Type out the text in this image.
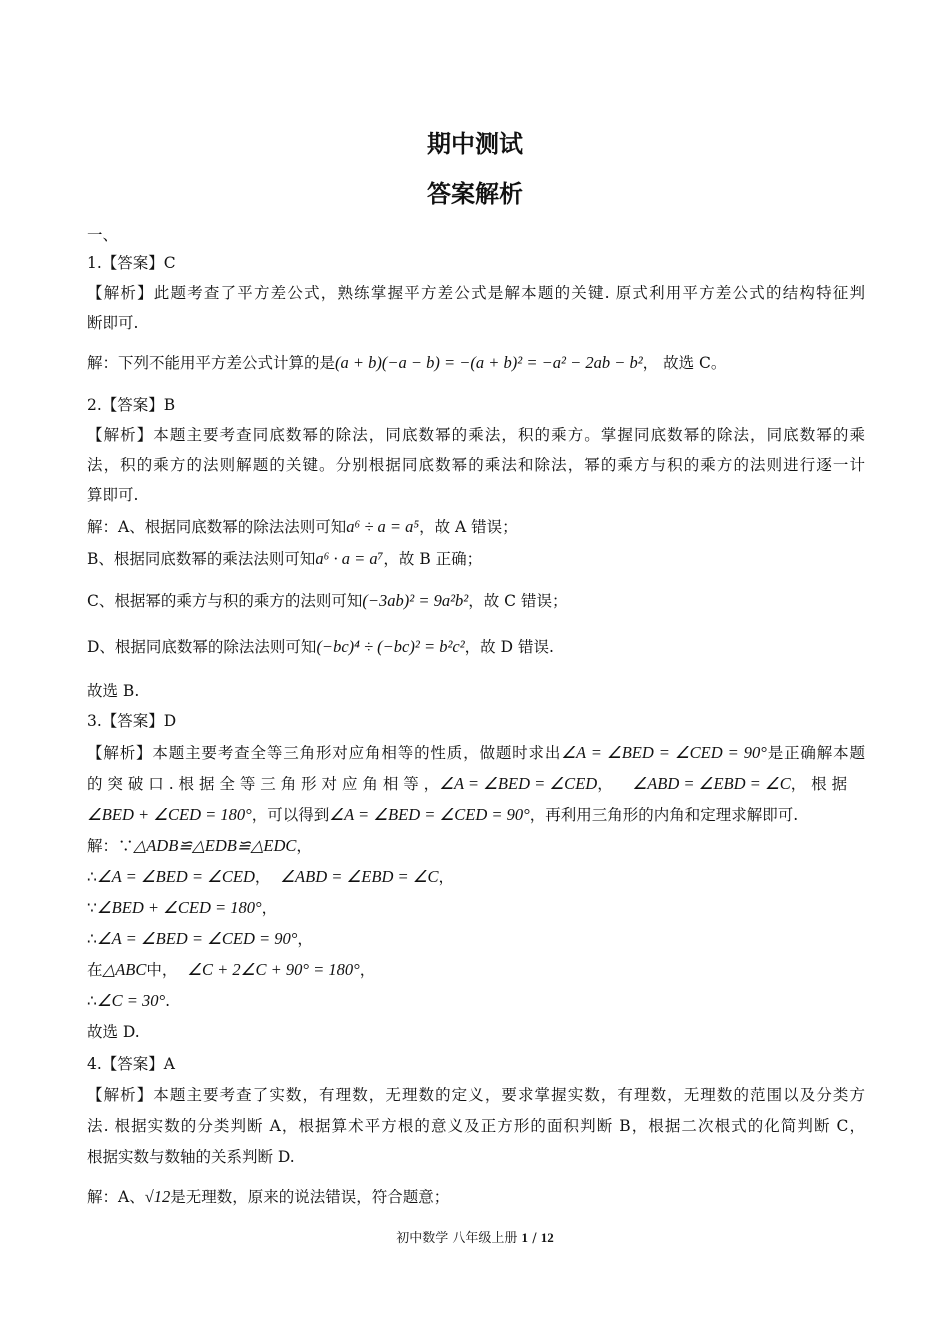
期中测试
答案解析
一、
1.【答案】C
【解析】此题考查了平方差公式，熟练掌握平方差公式是解本题的关键. 原式利用平方差公式的结构特征判
断即可.
解：下列不能用平方差公式计算的是(a + b)(−a − b) = −(a + b)² = −a² − 2ab − b²， 故选 C。
2.【答案】B
【解析】本题主要考查同底数幂的除法，同底数幂的乘法，积的乘方。掌握同底数幂的除法，同底数幂的乘
法，积的乘方的法则解题的关键。分别根据同底数幂的乘法和除法，幂的乘方与积的乘方的法则进行逐一计
算即可.
解：A、根据同底数幂的除法法则可知a⁶ ÷ a = a⁵，故 A 错误；
B、根据同底数幂的乘法法则可知a⁶ · a = a⁷，故 B 正确；
C、根据幂的乘方与积的乘方的法则可知(−3ab)² = 9a²b²，故 C 错误；
D、根据同底数幂的除法法则可知(−bc)⁴ ÷ (−bc)² = b²c²，故 D 错误.
故选 B.
3.【答案】D
【解析】本题主要考查全等三角形对应角相等的性质，做题时求出∠A = ∠BED = ∠CED = 90°是正确解本题
的 突 破 口 . 根 据 全 等 三 角 形 对 应 角 相 等 ，∠A = ∠BED = ∠CED， ∠ABD = ∠EBD = ∠C， 根 据
∠BED + ∠CED = 180°，可以得到∠A = ∠BED = ∠CED = 90°，再利用三角形的内角和定理求解即可.
解：∵△ADB≌△EDB≌△EDC，
∴∠A = ∠BED = ∠CED， ∠ABD = ∠EBD = ∠C，
∵∠BED + ∠CED = 180°，
∴∠A = ∠BED = ∠CED = 90°，
在△ABC中， ∠C + 2∠C + 90° = 180°，
∴∠C = 30°.
故选 D.
4.【答案】A
【解析】本题主要考查了实数，有理数，无理数的定义，要求掌握实数，有理数，无理数的范围以及分类方
法. 根据实数的分类判断 A，根据算术平方根的意义及正方形的面积判断 B，根据二次根式的化简判断 C，
根据实数与数轴的关系判断 D.
解：A、√12是无理数，原来的说法错误，符合题意；
初中数学 八年级上册 1 / 12
